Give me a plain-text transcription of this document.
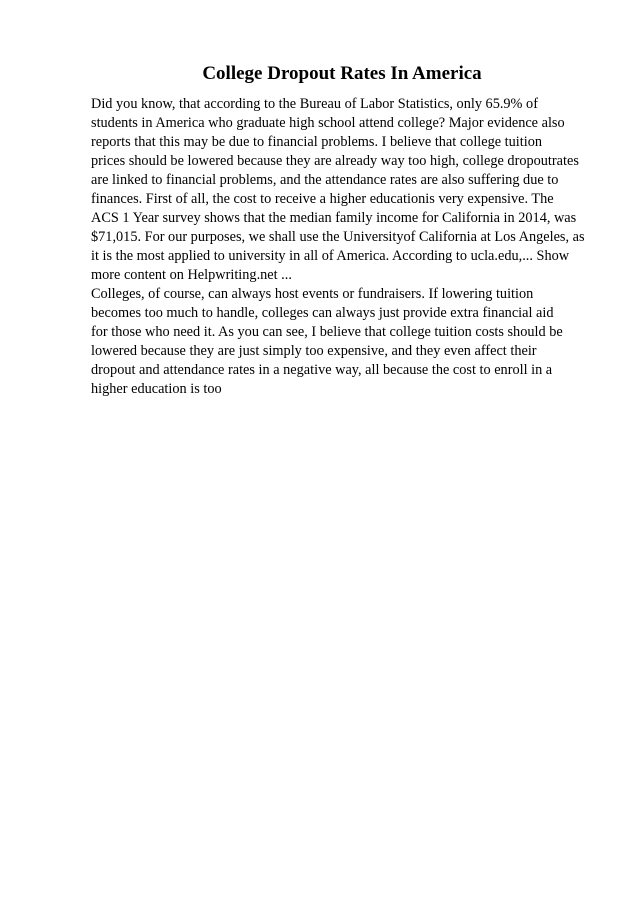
College Dropout Rates In America

Did you know, that according to the Bureau of Labor Statistics, only 65.9% of
students in America who graduate high school attend college? Major evidence also
reports that this may be due to financial problems. I believe that college tuition
prices should be lowered because they are already way too high, college dropoutrates
are linked to financial problems, and the attendance rates are also suffering due to
finances. First of all, the cost to receive a higher educationis very expensive. The
ACS 1 Year survey shows that the median family income for California in 2014, was
$71,015. For our purposes, we shall use the Universityof California at Los Angeles, as
it is the most applied to university in all of America. According to ucla.edu,... Show
more content on Helpwriting.net ...

Colleges, of course, can always host events or fundraisers. If lowering tuition
becomes too much to handle, colleges can always just provide extra financial aid
for those who need it. As you can see, I believe that college tuition costs should be
lowered because they are just simply too expensive, and they even affect their
dropout and attendance rates in a negative way, all because the cost to enroll in a
higher education is too
